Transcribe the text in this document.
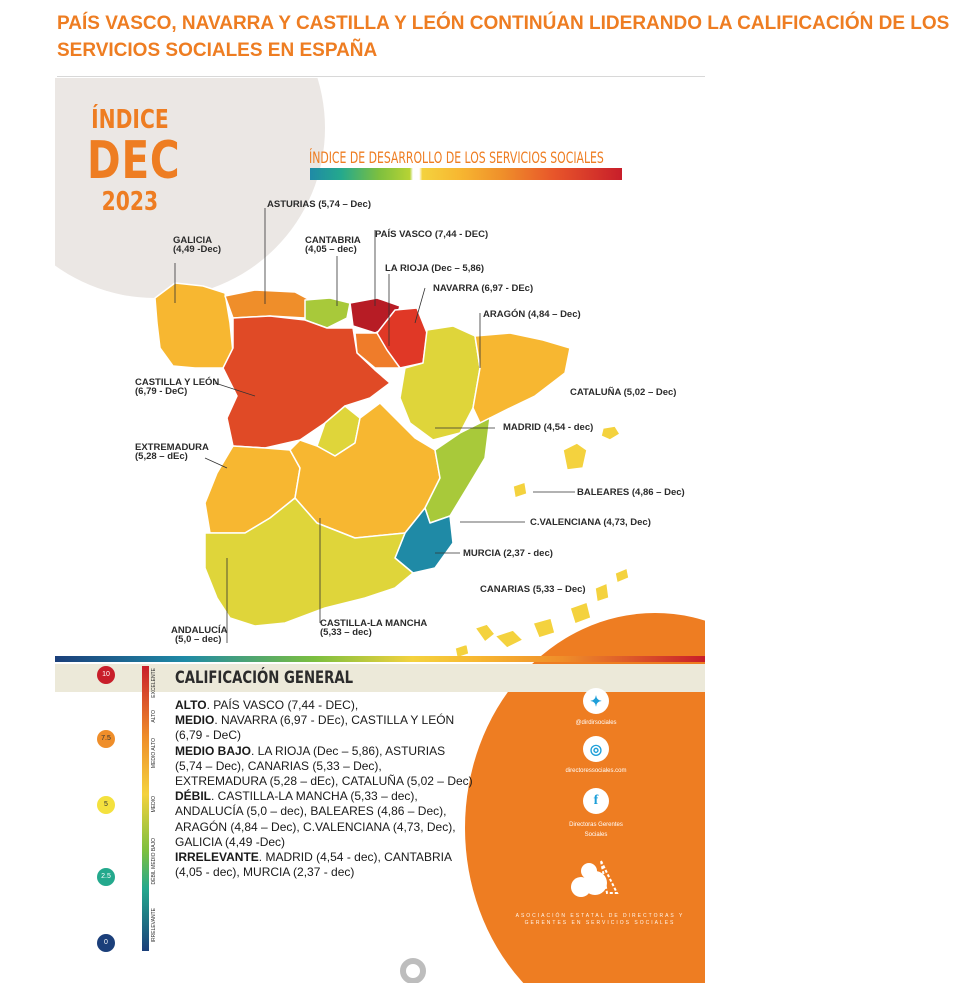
PAÍS VASCO, NAVARRA Y CASTILLA Y LEÓN CONTINÚAN LIDERANDO LA CALIFICACIÓN DE LOS SERVICIOS SOCIALES EN ESPAÑA
ÍNDICE
DEC
2023
ÍNDICE DE DESARROLLO DE LOS SERVICIOS SOCIALES
ASTURIAS (5,74 – Dec)
GALICIA
(4,49 -Dec)
CANTABRIA
(4,05 – dec)
PAÍS VASCO (7,44 - DEC)
LA RIOJA (Dec – 5,86)
NAVARRA (6,97 - DEc)
ARAGÓN (4,84 – Dec)
CASTILLA Y LEÓN
(6,79 - DeC)	CATALUÑA (5,02 – Dec)
EXTREMADURA
(5,28 – dEc)
MADRID (4,54 - dec)
BALEARES (4,86 – Dec)
C.VALENCIANA (4,73, Dec)
MURCIA (2,37 - dec)
CANARIAS (5,33 – Dec)
ANDALUCÍA
(5,0 – dec)
CASTILLA-LA MANCHA
(5,33 – dec)
CALIFICACIÓN GENERAL
EXCELENTE
ALTO
MEDIO ALTO
MEDIO
DÉBIL MEDIO BAJO
IRRELEVANTE
10
7.5
5
2.5
0
ALTO. PAÍS VASCO (7,44 - DEC),
MEDIO. NAVARRA (6,97 - DEc), CASTILLA Y LEÓN (6,79 - DeC)
MEDIO BAJO. LA RIOJA (Dec – 5,86), ASTURIAS (5,74 – Dec), CANARIAS (5,33 – Dec), EXTREMADURA (5,28 – dEc), CATALUÑA (5,02 – Dec)
DÉBIL. CASTILLA-LA MANCHA (5,33 – dec), ANDALUCÍA (5,0 – dec), BALEARES (4,86 – Dec), ARAGÓN (4,84 – Dec), C.VALENCIANA (4,73, Dec), GALICIA (4,49 -Dec)
IRRELEVANTE. MADRID (4,54 - dec), CANTABRIA (4,05 - dec), MURCIA (2,37 - dec)
✦
@dirdirsociales
◎
directoressociales.com
f
Directoras Gerentes
Sociales
ASOCIACIÓN ESTATAL DE DIRECTORAS Y GERENTES EN SERVICIOS SOCIALES
